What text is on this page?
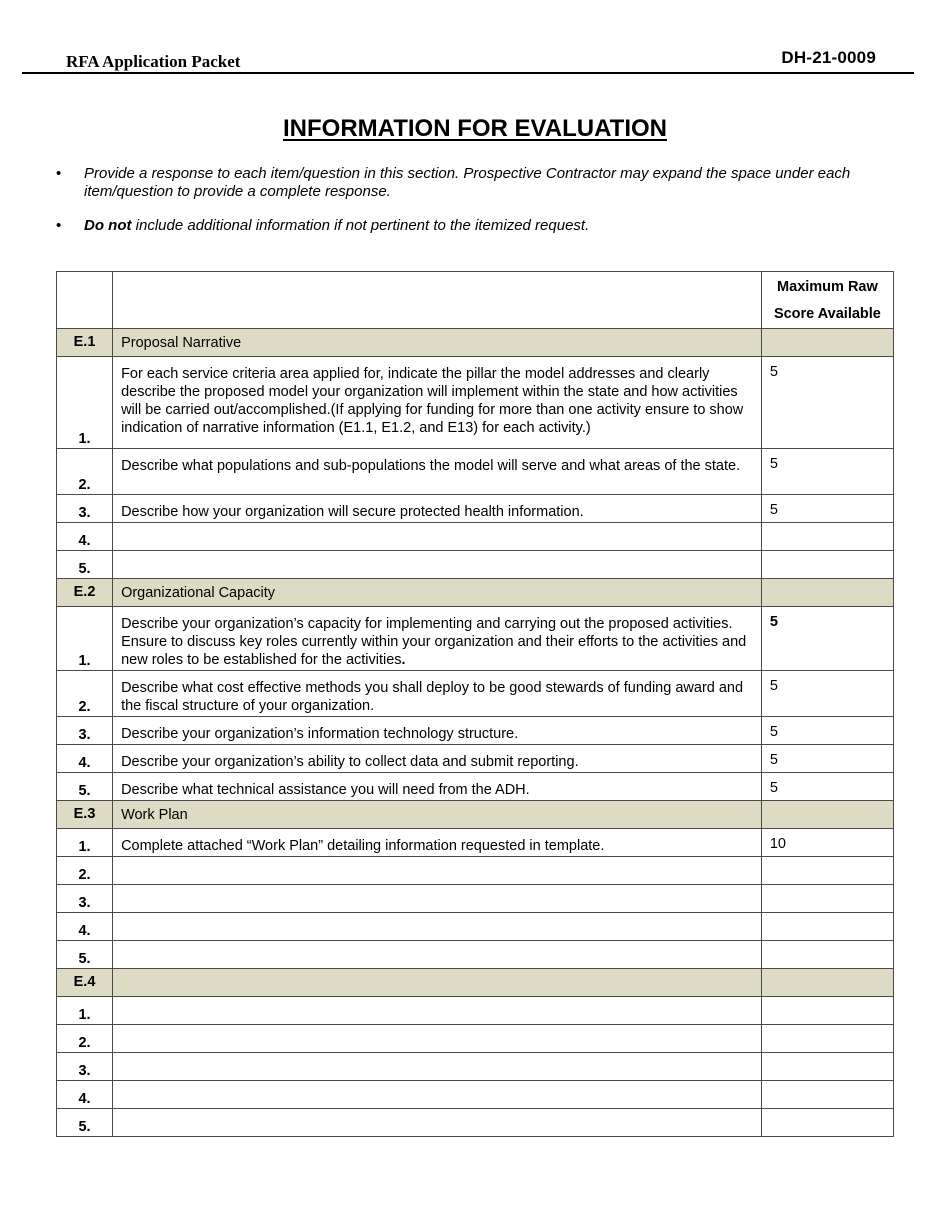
RFA Application Packet	DH-21-0009
INFORMATION FOR EVALUATION
• Provide a response to each item/question in this section. Prospective Contractor may expand the space under each item/question to provide a complete response.
• Do not include additional information if not pertinent to the itemized request.

		Maximum Raw
Score Available

E.1	Proposal Narrative	
1.	For each service criteria area applied for, indicate the pillar the model addresses and clearly describe the proposed model your organization will implement within the state and how activities will be carried out/accomplished.(If applying for funding for more than one activity ensure to show indication of narrative information (E1.1, E1.2, and E13) for each activity.)	5
2.	Describe what populations and sub-populations the model will serve and what areas of the state.	5
3.	Describe how your organization will secure protected health information.	5
4.		
5.		
E.2	Organizational Capacity	
1.	Describe your organization’s capacity for implementing and carrying out the proposed activities. Ensure to discuss key roles currently within your organization and their efforts to the activities and new roles to be established for the activities.	5
2.	Describe what cost effective methods you shall deploy to be good stewards of funding award and the fiscal structure of your organization.	5
3.	Describe your organization’s information technology structure.	5
4.	Describe your organization’s ability to collect data and submit reporting.	5
5.	Describe what technical assistance you will need from the ADH.	5
E.3	Work Plan	
1.	Complete attached “Work Plan” detailing information requested in template.	10
2.		
3.		
4.		
5.		
E.4		
1.		
2.		
3.		
4.		
5.		
